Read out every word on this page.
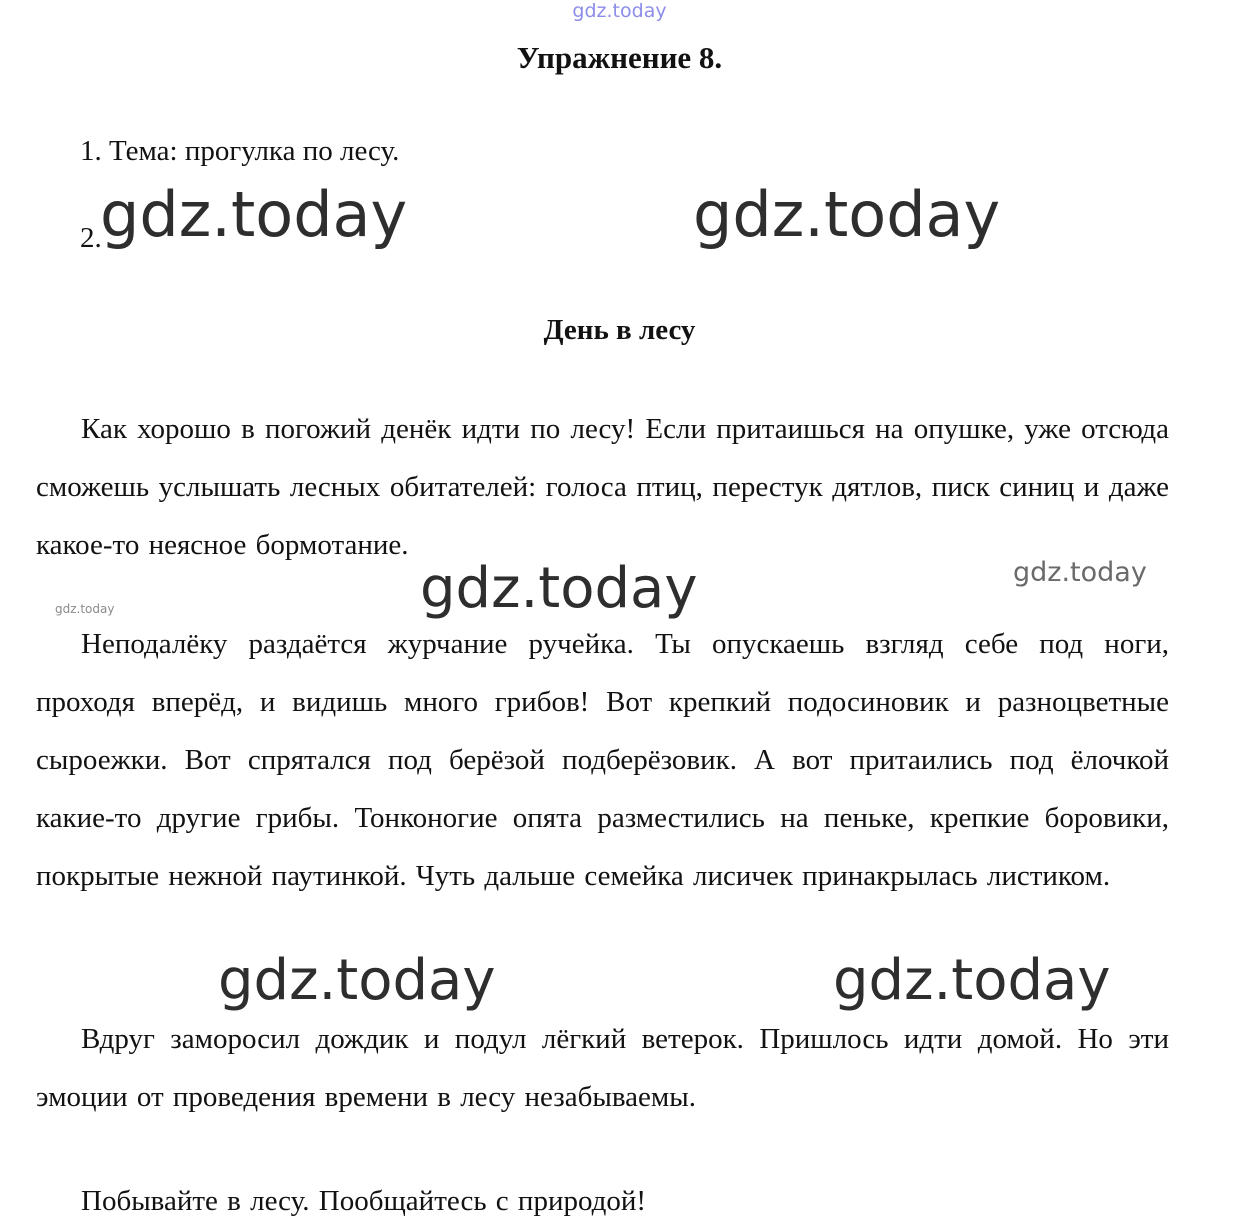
gdz.today
Упражнение 8.
1. Тема: прогулка по лесу.
2.
gdz.today	gdz.today
День в лесу

Как хорошо в погожий денёк идти по лесу! Если притаишься на опушке, уже отсюда сможешь услышать лесных обитателей: голоса птиц, перестук дятлов, писк синиц и даже какое-то неясное бормотание.

gdz.today	gdz.today
gdz.today

Неподалёку раздаётся журчание ручейка. Ты опускаешь взгляд себе под ноги, проходя вперёд, и видишь много грибов! Вот крепкий подосиновик и разноцветные сыроежки. Вот спрятался под берёзой подберёзовик. А вот притаились под ёлочкой какие-то другие грибы. Тонконогие опята разместились на пеньке, крепкие боровики, покрытые нежной паутинкой. Чуть дальше семейка лисичек принакрылась листиком.

gdz.today	gdz.today

Вдруг заморосил дождик и подул лёгкий ветерок. Пришлось идти домой. Но эти эмоции от проведения времени в лесу незабываемы.

Побывайте в лесу. Пообщайтесь с природой!
